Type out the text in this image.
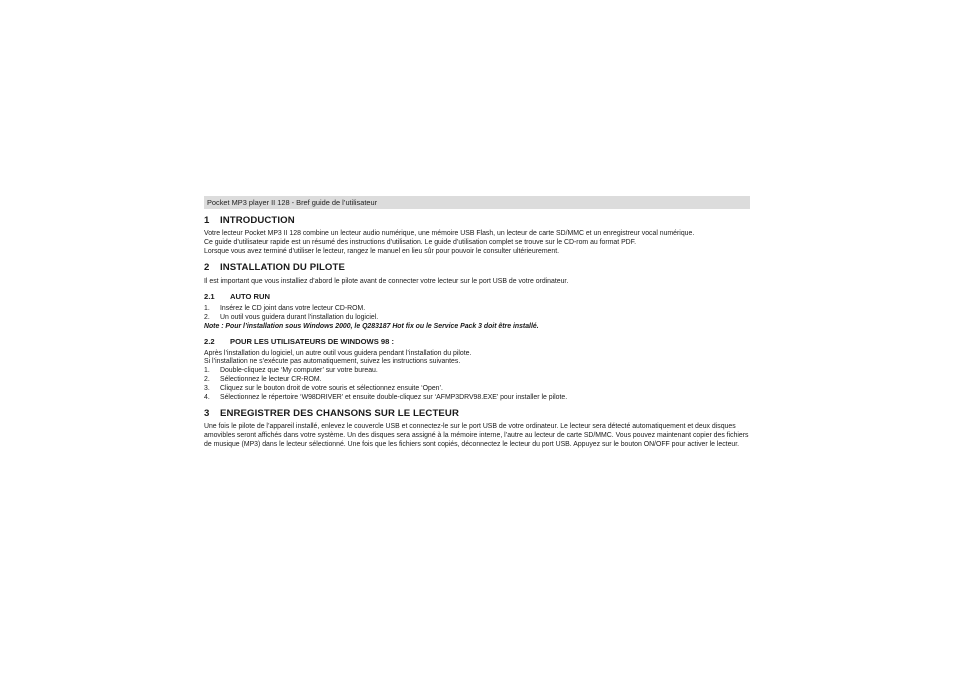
Pocket MP3 player II 128 - Bref guide de l’utilisateur
1	INTRODUCTION

Votre lecteur Pocket MP3 II 128 combine un lecteur audio numérique, une mémoire USB Flash, un lecteur de carte SD/MMC et un enregistreur vocal numérique.

Ce guide d’utilisateur rapide est un résumé des instructions d’utilisation. Le guide d’utilisation complet se trouve sur le CD-rom au format PDF.

Lorsque vous avez terminé d’utiliser le lecteur, rangez le manuel en lieu sûr pour pouvoir le consulter ultérieurement.

2	INSTALLATION DU PILOTE

Il est important que vous installiez d’abord le pilote avant de connecter votre lecteur sur le port USB de votre ordinateur.

2.1	AUTO RUN
1.	Insérez le CD joint dans votre lecteur CD-ROM.
2.	Un outil vous guidera durant l’installation du logiciel.
Note : Pour l’installation sous Windows 2000, le Q283187 Hot fix ou le Service Pack 3 doit être installé.
2.2	POUR LES UTILISATEURS DE WINDOWS 98 :

Après l’installation du logiciel, un autre outil vous guidera pendant l’installation du pilote.

Si l’installation ne s’exécute pas automatiquement, suivez les instructions suivantes.

1.	Double-cliquez que ‘My computer’ sur votre bureau.
2.	Sélectionnez le lecteur CR-ROM.
3.	Cliquez sur le bouton droit de votre souris et sélectionnez ensuite ‘Open’.
4.	Sélectionnez le répertoire ‘W98DRIVER’ et ensuite double-cliquez sur ‘AFMP3DRV98.EXE’ pour installer le pilote.
3	ENREGISTRER DES CHANSONS SUR LE LECTEUR

Une fois le pilote de l’appareil installé, enlevez le couvercle USB et connectez-le sur le port USB de votre ordinateur. Le lecteur sera détecté automatiquement et deux disques amovibles seront affichés dans votre système. Un des disques sera assigné à la mémoire interne, l’autre au lecteur de carte SD/MMC. Vous pouvez maintenant copier des fichiers de musique (MP3) dans le lecteur sélectionné. Une fois que les fichiers sont copiés, déconnectez le lecteur du port USB. Appuyez sur le bouton ON/OFF pour activer le lecteur.
